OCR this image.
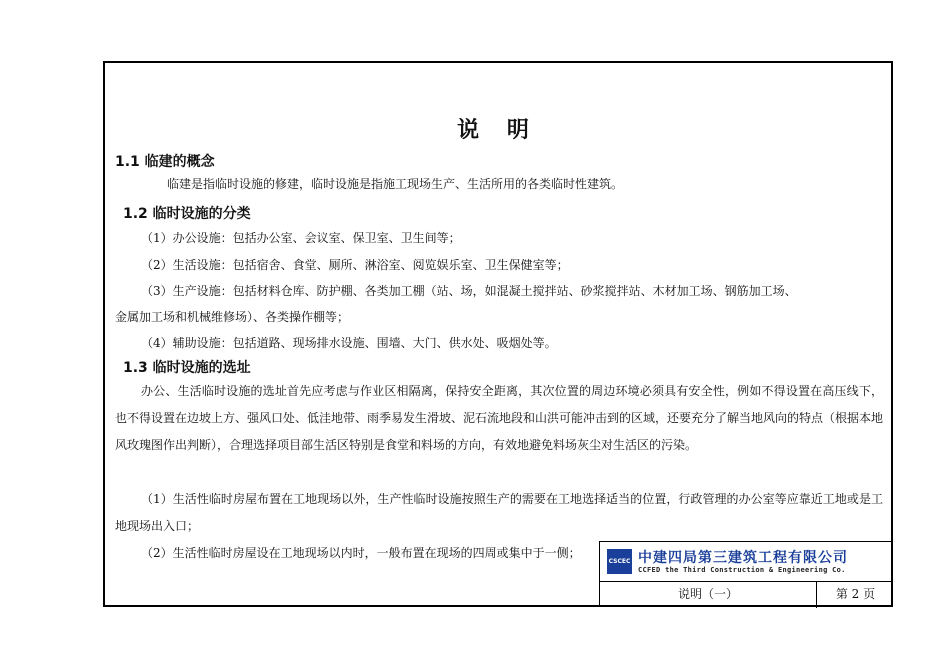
说 明
1.1 临建的概念
临建是指临时设施的修建，临时设施是指施工现场生产、生活所用的各类临时性建筑。
1.2 临时设施的分类
（1）办公设施：包括办公室、会议室、保卫室、卫生间等；
（2）生活设施：包括宿舍、食堂、厕所、淋浴室、阅览娱乐室、卫生保健室等；
（3）生产设施：包括材料仓库、防护棚、各类加工棚（站、场，如混凝土搅拌站、砂浆搅拌站、木材加工场、钢筋加工场、
金属加工场和机械维修场）、各类操作棚等；
（4）辅助设施：包括道路、现场排水设施、围墙、大门、供水处、吸烟处等。
1.3 临时设施的选址
办公、生活临时设施的选址首先应考虑与作业区相隔离，保持安全距离，其次位置的周边环境必须具有安全性，例如不得设置在高压线下，也不得设置在边坡上方、强风口处、低洼地带、雨季易发生滑坡、泥石流地段和山洪可能冲击到的区域，还要充分了解当地风向的特点（根据本地风玫瑰图作出判断），合理选择项目部生活区特别是食堂和料场的方向，有效地避免料场灰尘对生活区的污染。
（1）生活性临时房屋布置在工地现场以外，生产性临时设施按照生产的需要在工地选择适当的位置，行政管理的办公室等应靠近工地或是工地现场出入口；
（2）生活性临时房屋设在工地现场以内时，一般布置在现场的四周或集中于一侧；
CSCEC 中建四局第三建筑工程有限公司
CCFED the Third Construction & Engineering Co.
说明（一）	第 2 页
